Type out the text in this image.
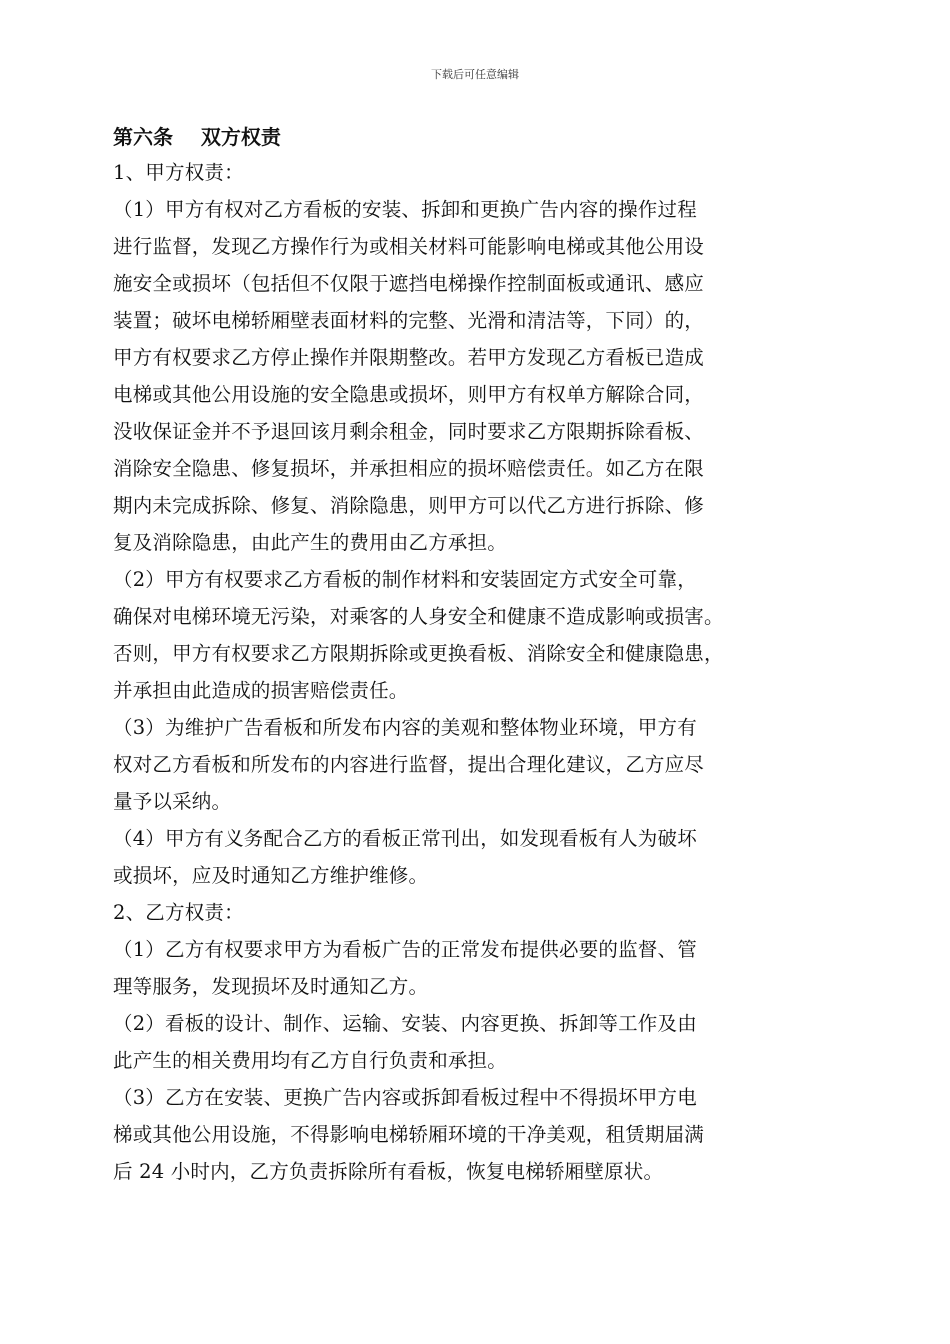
下载后可任意编辑
第六条    双方权责
1、甲方权责：
（1）甲方有权对乙方看板的安装、拆卸和更换广告内容的操作过程
进行监督，发现乙方操作行为或相关材料可能影响电梯或其他公用设
施安全或损坏（包括但不仅限于遮挡电梯操作控制面板或通讯、感应
装置；破坏电梯轿厢壁表面材料的完整、光滑和清洁等，下同）的，
甲方有权要求乙方停止操作并限期整改。若甲方发现乙方看板已造成
电梯或其他公用设施的安全隐患或损坏，则甲方有权单方解除合同，
没收保证金并不予退回该月剩余租金，同时要求乙方限期拆除看板、
消除安全隐患、修复损坏，并承担相应的损坏赔偿责任。如乙方在限
期内未完成拆除、修复、消除隐患，则甲方可以代乙方进行拆除、修
复及消除隐患，由此产生的费用由乙方承担。
（2）甲方有权要求乙方看板的制作材料和安装固定方式安全可靠，
确保对电梯环境无污染，对乘客的人身安全和健康不造成影响或损害。
否则，甲方有权要求乙方限期拆除或更换看板、消除安全和健康隐患，
并承担由此造成的损害赔偿责任。
（3）为维护广告看板和所发布内容的美观和整体物业环境，甲方有
权对乙方看板和所发布的内容进行监督，提出合理化建议，乙方应尽
量予以采纳。
（4）甲方有义务配合乙方的看板正常刊出，如发现看板有人为破坏
或损坏，应及时通知乙方维护维修。
2、乙方权责：
（1）乙方有权要求甲方为看板广告的正常发布提供必要的监督、管
理等服务，发现损坏及时通知乙方。
（2）看板的设计、制作、运输、安装、内容更换、拆卸等工作及由
此产生的相关费用均有乙方自行负责和承担。
（3）乙方在安装、更换广告内容或拆卸看板过程中不得损坏甲方电
梯或其他公用设施，不得影响电梯轿厢环境的干净美观，租赁期届满
后 24 小时内，乙方负责拆除所有看板，恢复电梯轿厢壁原状。
